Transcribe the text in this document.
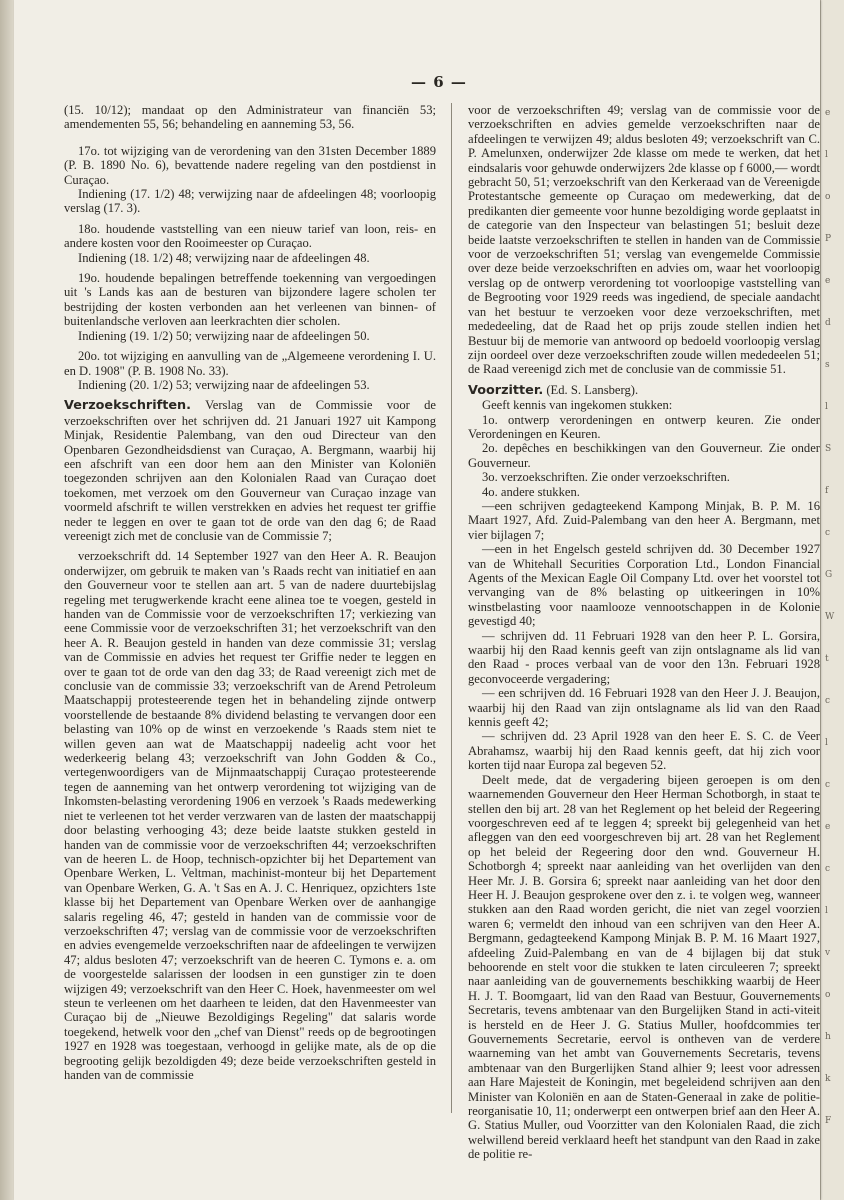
e
l
o
P
e
d
s
l
S
f
c
G
W
t
c
l
c
e
c
l
v
o
h
k
F
— 6 —

(15. 10/12); mandaat op den Administrateur van financiën 53; amendementen 55, 56; behandeling en aanneming 53, 56.

17o. tot wijziging van de verordening van den 31sten December 1889 (P. B. 1890 No. 6), bevattende nadere regeling van den postdienst in Curaçao.
Indiening (17. 1/2) 48; verwijzing naar de afdeelingen 48; voorloopig verslag (17. 3).

18o. houdende vaststelling van een nieuw tarief van loon, reis- en andere kosten voor den Rooimeester op Curaçao.
Indiening (18. 1/2) 48; verwijzing naar de afdeelingen 48.

19o. houdende bepalingen betreffende toekenning van vergoedingen uit 's Lands kas aan de besturen van bijzondere lagere scholen ter bestrijding der kosten verbonden aan het verleenen van binnen- of buitenlandsche verloven aan leerkrachten dier scholen.
Indiening (19. 1/2) 50; verwijzing naar de afdeelingen 50.

20o. tot wijziging en aanvulling van de „Algemeene verordening I. U. en D. 1908" (P. B. 1908 No. 33).
Indiening (20. 1/2) 53; verwijzing naar de afdeelingen 53.

Verzoekschriften. Verslag van de Commissie voor de verzoekschriften over het schrijven dd. 21 Januari 1927 uit Kampong Minjak, Residentie Palembang, van den oud Directeur van den Openbaren Gezondheidsdienst van Curaçao, A. Bergmann, waarbij hij een afschrift van een door hem aan den Minister van Koloniën toegezonden schrijven aan den Kolonialen Raad van Curaçao doet toekomen, met verzoek om den Gouverneur van Curaçao inzage van voormeld afschrift te willen verstrekken en advies het request ter griffie neder te leggen en over te gaan tot de orde van den dag 6; de Raad vereenigt zich met de conclusie van de Commissie 7;

verzoekschrift dd. 14 September 1927 van den Heer A. R. Beaujon onderwijzer, om gebruik te maken van 's Raads recht van initiatief en aan den Gouverneur voor te stellen aan art. 5 van de nadere duurtebijslag regeling met terugwerkende kracht eene alinea toe te voegen, gesteld in handen van de Commissie voor de verzoekschriften 17; verkiezing van eene Commissie voor de verzoekschriften 31; het verzoekschrift van den heer A. R. Beaujon gesteld in handen van deze commissie 31; verslag van de Commissie en advies het request ter Griffie neder te leggen en over te gaan tot de orde van den dag 33; de Raad vereenigt zich met de conclusie van de commissie 33; verzoekschrift van de Arend Petroleum Maatschappij protesteerende tegen het in behandeling zijnde ontwerp voorstellende de bestaande 8% dividend belasting te vervangen door een belasting van 10% op de winst en verzoekende 's Raads stem niet te willen geven aan wat de Maatschappij nadeelig acht voor het wederkeerig belang 43; verzoekschrift van John Godden & Co., vertegenwoordigers van de Mijnmaatschappij Curaçao protesteerende tegen de aanneming van het ontwerp verordening tot wijziging van de Inkomsten-belasting verordening 1906 en verzoek 's Raads medewerking niet te verleenen tot het verder verzwaren van de lasten der maatschappij door belasting verhooging 43; deze beide laatste stukken gesteld in handen van de commissie voor de verzoekschriften 44; verzoekschriften van de heeren L. de Hoop, technisch-opzichter bij het Departement van Openbare Werken, L. Veltman, machinist-monteur bij het Departement van Openbare Werken, G. A. 't Sas en A. J. C. Henriquez, opzichters 1ste klasse bij het Departement van Openbare Werken over de aanhangige salaris regeling 46, 47; gesteld in handen van de commissie voor de verzoekschriften 47; verslag van de commissie voor de verzoekschriften en advies evengemelde verzoekschriften naar de afdeelingen te verwijzen 47; aldus besloten 47; verzoekschrift van de heeren C. Tymons e. a. om de voorgestelde salarissen der loodsen in een gunstiger zin te doen wijzigen 49; verzoekschrift van den Heer C. Hoek, havenmeester om wel steun te verleenen om het daarheen te leiden, dat den Havenmeester van Curaçao bij de „Nieuwe Bezoldigings Regeling" dat salaris worde toegekend, hetwelk voor den „chef van Dienst" reeds op de begrootingen 1927 en 1928 was toegestaan, verhoogd in gelijke mate, als de op die begrooting gelijk bezoldigden 49; deze beide verzoekschriften gesteld in handen van de commissie

voor de verzoekschriften 49; verslag van de commissie voor de verzoekschriften en advies gemelde verzoekschriften naar de afdeelingen te verwijzen 49; aldus besloten 49; verzoekschrift van C. P. Amelunxen, onderwijzer 2de klasse om mede te werken, dat het eindsalaris voor gehuwde onderwijzers 2de klasse op f 6000,— wordt gebracht 50, 51; verzoekschrift van den Kerkeraad van de Vereenigde Protestantsche gemeente op Curaçao om medewerking, dat de predikanten dier gemeente voor hunne bezoldiging worde geplaatst in de categorie van den Inspecteur van belastingen 51; besluit deze beide laatste verzoekschriften te stellen in handen van de Commissie voor de verzoekschriften 51; verslag van evengemelde Commissie over deze beide verzoekschriften en advies om, waar het voorloopig verslag op de ontwerp verordening tot voorloopige vaststelling van de Begrooting voor 1929 reeds was ingediend, de speciale aandacht van het bestuur te verzoeken voor deze verzoekschriften, met mededeeling, dat de Raad het op prijs zoude stellen indien het Bestuur bij de memorie van antwoord op bedoeld voorloopig verslag zijn oordeel over deze verzoekschriften zoude willen mededeelen 51; de Raad vereenigd zich met de conclusie van de commissie 51.

Voorzitter. (Ed. S. Lansberg).
Geeft kennis van ingekomen stukken:
1o. ontwerp verordeningen en ontwerp keuren. Zie onder Verordeningen en Keuren.
2o. depêches en beschikkingen van den Gouverneur. Zie onder Gouverneur.
3o. verzoekschriften. Zie onder verzoekschriften.
4o. andere stukken.
—een schrijven gedagteekend Kampong Minjak, B. P. M. 16 Maart 1927, Afd. Zuid-Palembang van den heer A. Bergmann, met vier bijlagen 7;
—een in het Engelsch gesteld schrijven dd. 30 December 1927 van de Whitehall Securities Corporation Ltd., London Financial Agents of the Mexican Eagle Oil Company Ltd. over het voorstel tot vervanging van de 8% belasting op uitkeeringen in 10% winstbelasting voor naamlooze vennootschappen in de Kolonie gevestigd 40;
— schrijven dd. 11 Februari 1928 van den heer P. L. Gorsira, waarbij hij den Raad kennis geeft van zijn ontslagname als lid van den Raad - proces verbaal van de voor den 13n. Februari 1928 geconvoceerde vergadering;
— een schrijven dd. 16 Februari 1928 van den Heer J. J. Beaujon, waarbij hij den Raad van zijn ontslagname als lid van den Raad kennis geeft 42;
— schrijven dd. 23 April 1928 van den heer E. S. C. de Veer Abrahamsz, waarbij hij den Raad kennis geeft, dat hij zich voor korten tijd naar Europa zal begeven 52.
Deelt mede, dat de vergadering bijeen geroepen is om den waarnemenden Gouverneur den Heer Herman Schotborgh, in staat te stellen den bij art. 28 van het Reglement op het beleid der Regeering voorgeschreven eed af te leggen 4; spreekt bij gelegenheid van het afleggen van den eed voorgeschreven bij art. 28 van het Reglement op het beleid der Regeering door den wnd. Gouverneur H. Schotborgh 4; spreekt naar aanleiding van het overlijden van den Heer Mr. J. B. Gorsira 6; spreekt naar aanleiding van het door den Heer H. J. Beaujon gesprokene over den z. i. te volgen weg, wanneer stukken aan den Raad worden gericht, die niet van zegel voorzien waren 6; vermeldt den inhoud van een schrijven van den Heer A. Bergmann, gedagteekend Kampong Minjak B. P. M. 16 Maart 1927, afdeeling Zuid-Palembang en van de 4 bijlagen bij dat stuk behoorende en stelt voor die stukken te laten circuleeren 7; spreekt naar aanleiding van de gouvernements beschikking waarbij de Heer H. J. T. Boomgaart, lid van den Raad van Bestuur, Gouvernements Secretaris, tevens ambtenaar van den Burgelijken Stand in acti-viteit is hersteld en de Heer J. G. Statius Muller, hoofdcommies ter Gouvernements Secretarie, eervol is ontheven van de verdere waarneming van het ambt van Gouvernements Secretaris, tevens ambtenaar van den Burgerlijken Stand alhier 9; leest voor adressen aan Hare Majesteit de Koningin, met begeleidend schrijven aan den Minister van Koloniën en aan de Staten-Generaal in zake de politie-reorganisatie 10, 11; onderwerpt een ontwerpen brief aan den Heer A. G. Statius Muller, oud Voorzitter van den Kolonialen Raad, die zich welwillend bereid verklaard heeft het standpunt van den Raad in zake de politie re-
